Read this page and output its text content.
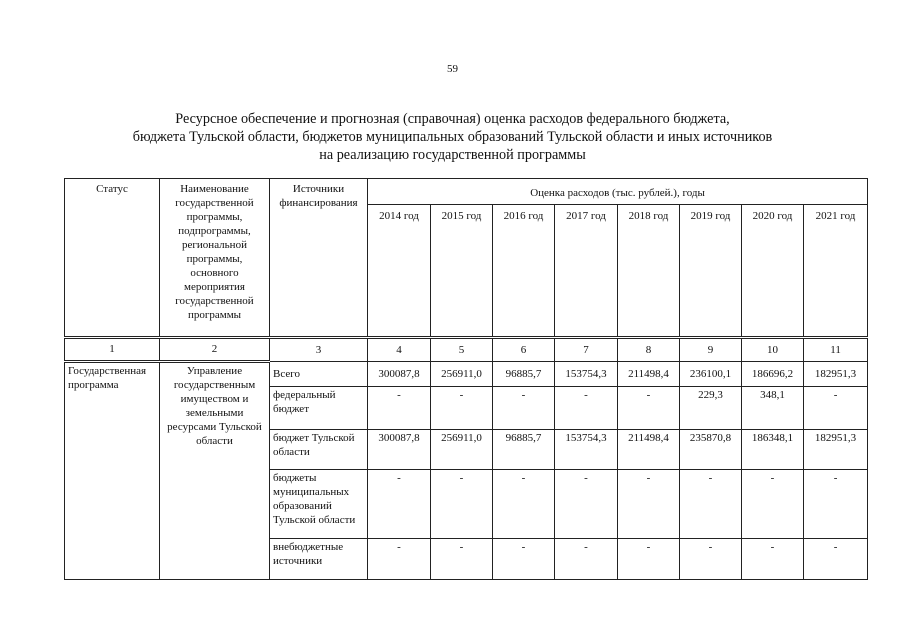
59
Ресурсное обеспечение и прогнозная (справочная) оценка расходов федерального бюджета,
бюджета Тульской области, бюджетов муниципальных образований Тульской области и иных источников
на реализацию государственной программы
Статус	Наименование государственной программы, подпрограммы, региональной программы, основного мероприятия государственной программы	Источники финансирования	Оценка расходов (тыс. рублей.), годы							
			2014 год	2015 год	2016 год	2017 год	2018 год	2019 год	2020 год	2021 год
1	2	3	4	5	6	7	8	9	10	11
Государственная программа	Управление государственным имуществом и земельными ресурсами Тульской области	Всего	300087,8	256911,0	96885,7	153754,3	211498,4	236100,1	186696,2	182951,3
		федеральный бюджет	-	-	-	-	-	229,3	348,1	-
		бюджет Тульской области	300087,8	256911,0	96885,7	153754,3	211498,4	235870,8	186348,1	182951,3
		бюджеты муниципальных образований Тульской области	-	-	-	-	-	-	-	-
		внебюджетные источники	-	-	-	-	-	-	-	-
